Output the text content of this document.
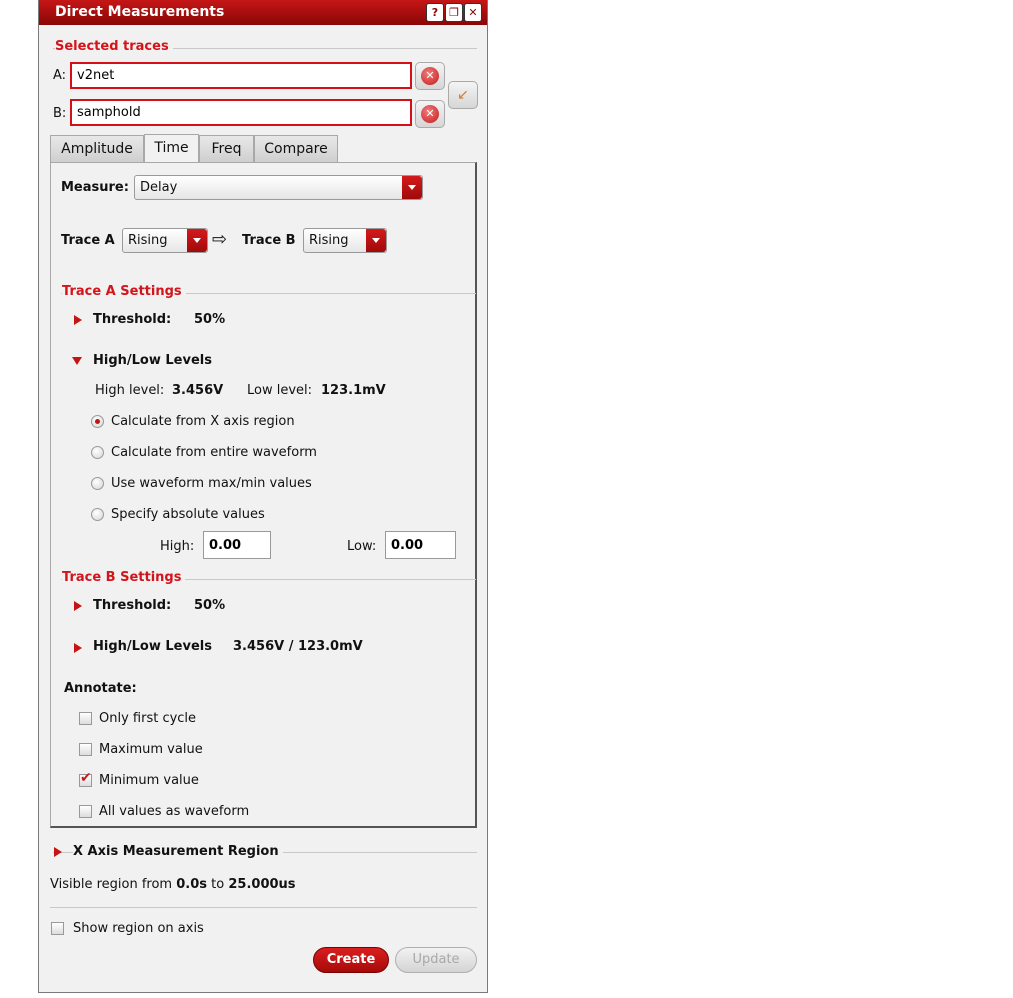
Direct Measurements	? ❐ ✕
Selected traces
A:
v2net	✕
B:
samphold	✕
↙
Amplitude	Time	Freq	Compare
Measure: Delay
Trace A	Rising	⇨ Trace B	Rising
Trace A Settings
Threshold: 50%
High/Low Levels
High level: 3.456V Low level: 123.1mV
Calculate from X axis region
Calculate from entire waveform
Use waveform max/min values
Specify absolute values
High:
0.00	Low:
0.00
Trace B Settings
Threshold: 50%
High/Low Levels 3.456V / 123.0mV
Annotate:
Only first cycle
Maximum value
✔
Minimum value
All values as waveform
X Axis Measurement Region
Visible region from 0.0s to 25.000us
Show region on axis
Create	Update
